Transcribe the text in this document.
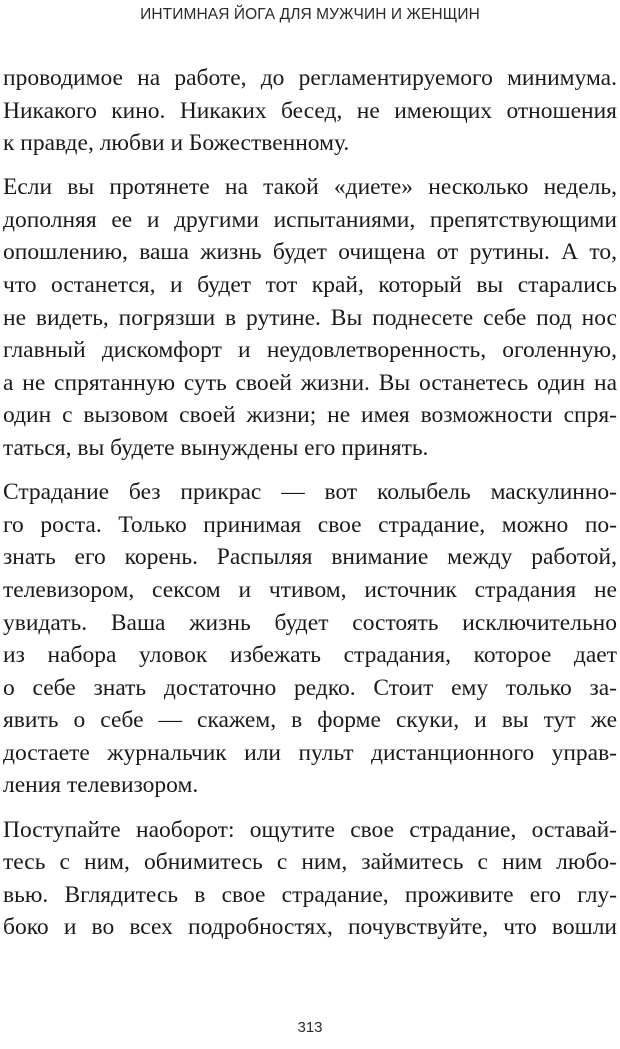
ИНТИМНАЯ ЙОГА ДЛЯ МУЖЧИН И ЖЕНЩИН

проводимое на работе, до регламентируемого минимума.
Никакого кино. Никаких бесед, не имеющих отношения
к правде, любви и Божественному.

Если вы протянете на такой «диете» несколько недель,
дополняя ее и другими испытаниями, препятствующими
опошлению, ваша жизнь будет очищена от рутины. А то,
что останется, и будет тот край, который вы старались
не видеть, погрязши в рутине. Вы поднесете себе под нос
главный дискомфорт и неудовлетворенность, оголенную,
а не спрятанную суть своей жизни. Вы останетесь один на
один с вызовом своей жизни; не имея возможности спря-
таться, вы будете вынуждены его принять.

Страдание без прикрас — вот колыбель маскулинно-
го роста. Только принимая свое страдание, можно по-
знать его корень. Распыляя внимание между работой,
телевизором, сексом и чтивом, источник страдания не
увидать. Ваша жизнь будет состоять исключительно
из набора уловок избежать страдания, которое дает
о себе знать достаточно редко. Стоит ему только за-
явить о себе — скажем, в форме скуки, и вы тут же
достаете журнальчик или пульт дистанционного управ-
ления телевизором.

Поступайте наоборот: ощутите свое страдание, оставай-
тесь с ним, обнимитесь с ним, займитесь с ним любо-
вью. Вглядитесь в свое страдание, проживите его глу-
боко и во всех подробностях, почувствуйте, что вошли

313
